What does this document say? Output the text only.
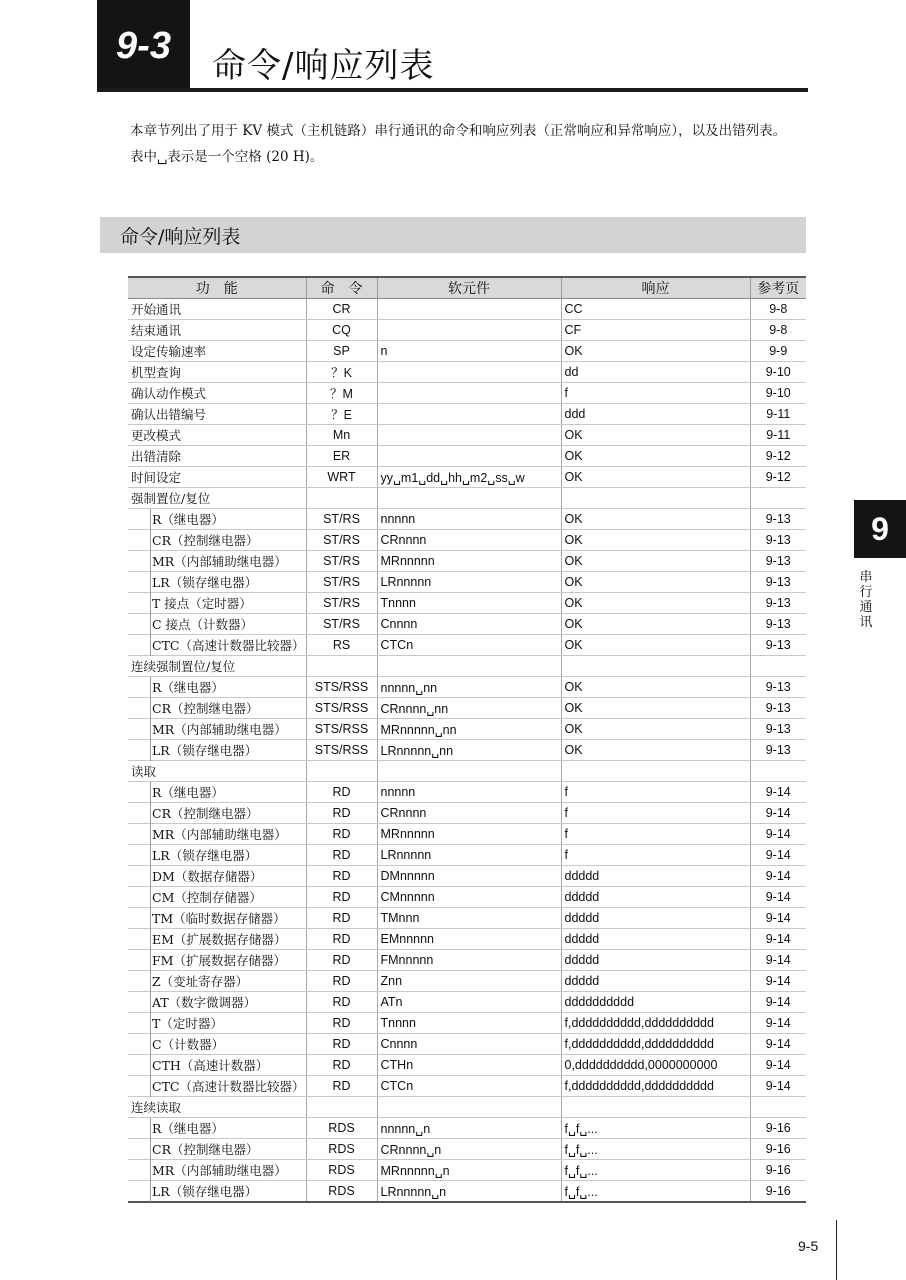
9-3 命令/响应列表

本章节列出了用于 KV 模式（主机链路）串行通讯的命令和响应列表（正常响应和异常响应），以及出错列表。

表中␣表示是一个空格 (20 H)。

命令/响应列表
功　能	命　令	软元件	响应	参考页
开始通讯	CR		CC	9-8
结束通讯	CQ		CF	9-8
设定传输速率	SP	n	OK	9-9
机型查询	？K		dd	9-10
确认动作模式	？M		f	9-10
确认出错编号	？E		ddd	9-11
更改模式	Mn		OK	9-11
出错清除	ER		OK	9-12
时间设定	WRT	yy␣m1␣dd␣hh␣m2␣ss␣w	OK	9-12
强制置位/复位				
R（继电器）	ST/RS	nnnnn	OK	9-13
CR（控制继电器）	ST/RS	CRnnnn	OK	9-13
MR（内部辅助继电器）	ST/RS	MRnnnnn	OK	9-13
LR（锁存继电器）	ST/RS	LRnnnnn	OK	9-13
T 接点（定时器）	ST/RS	Tnnnn	OK	9-13
C 接点（计数器）	ST/RS	Cnnnn	OK	9-13
CTC（高速计数器比较器）	RS	CTCn	OK	9-13
连续强制置位/复位				
R（继电器）	STS/RSS	nnnnn␣nn	OK	9-13
CR（控制继电器）	STS/RSS	CRnnnn␣nn	OK	9-13
MR（内部辅助继电器）	STS/RSS	MRnnnnn␣nn	OK	9-13
LR（锁存继电器）	STS/RSS	LRnnnnn␣nn	OK	9-13
读取				
R（继电器）	RD	nnnnn	f	9-14
CR（控制继电器）	RD	CRnnnn	f	9-14
MR（内部辅助继电器）	RD	MRnnnnn	f	9-14
LR（锁存继电器）	RD	LRnnnnn	f	9-14
DM（数据存储器）	RD	DMnnnnn	ddddd	9-14
CM（控制存储器）	RD	CMnnnnn	ddddd	9-14
TM（临时数据存储器）	RD	TMnnn	ddddd	9-14
EM（扩展数据存储器）	RD	EMnnnnn	ddddd	9-14
FM（扩展数据存储器）	RD	FMnnnnn	ddddd	9-14
Z（变址寄存器）	RD	Znn	ddddd	9-14
AT（数字微调器）	RD	ATn	dddddddddd	9-14
T（定时器）	RD	Tnnnn	f,dddddddddd,dddddddddd	9-14
C（计数器）	RD	Cnnnn	f,dddddddddd,dddddddddd	9-14
CTH（高速计数器）	RD	CTHn	0,dddddddddd,0000000000	9-14
CTC（高速计数器比较器）	RD	CTCn	f,dddddddddd,dddddddddd	9-14
连续读取				
R（继电器）	RDS	nnnnn␣n	f␣f␣...	9-16
CR（控制继电器）	RDS	CRnnnn␣n	f␣f␣...	9-16
MR（内部辅助继电器）	RDS	MRnnnnn␣n	f␣f␣...	9-16
LR（锁存继电器）	RDS	LRnnnnn␣n	f␣f␣...	9-16
9
串行通讯
9-5
